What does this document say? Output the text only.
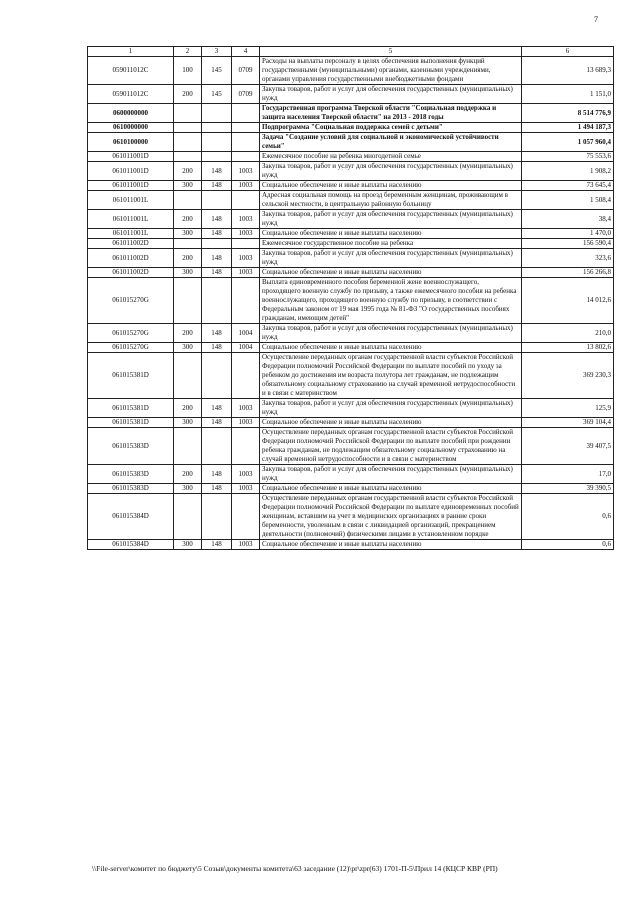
7
1	2	3	4	5	6
059011012С	100	145	0709	Расходы на выплаты персоналу в целях обеспечения выполнения функций государственными (муниципальными) органами, казенными учреждениями, органами управления государственными внебюджетными фондами	13 689,3
059011012С	200	145	0709	Закупка товаров, работ и услуг для обеспечения государственных (муниципальных) нужд	1 151,0
0600000000				Государственная программа Тверской области "Социальная поддержка и защита населения Тверской области" на 2013 - 2018 годы	8 514 776,9
0610000000				Подпрограмма "Социальная поддержка семей с детьми"	1 494 187,3
0610100000				Задача "Создание условий для социальной и экономической устойчивости семьи"	1 057 960,4
061011001D				Ежемесячное пособие на ребенка многодетной семье	75 553,6
061011001D	200	148	1003	Закупка товаров, работ и услуг для обеспечения государственных (муниципальных) нужд	1 908,2
061011001D	300	148	1003	Социальное обеспечение и иные выплаты населению	73 645,4
061011001L				Адресная социальная помощь на проезд беременным женщинам, проживающим в сельской местности, в центральную районную больницу	1 508,4
061011001L	200	148	1003	Закупка товаров, работ и услуг для обеспечения государственных (муниципальных) нужд	38,4
061011001L	300	148	1003	Социальное обеспечение и иные выплаты населению	1 470,0
061011002D				Ежемесячное государственное пособие на ребенка	156 590,4
061011002D	200	148	1003	Закупка товаров, работ и услуг для обеспечения государственных (муниципальных) нужд	323,6
061011002D	300	148	1003	Социальное обеспечение и иные выплаты населению	156 266,8
061015270G				Выплата единовременного пособия беременной жене военнослужащего, проходящего военную службу по призыву, а также ежемесячного пособия на ребенка военнослужащего, проходящего военную службу по призыву, в соответствии с Федеральным законом от 19 мая 1995 года № 81-ФЗ "О государственных пособиях гражданам, имеющим детей"	14 012,6
061015270G	200	148	1004	Закупка товаров, работ и услуг для обеспечения государственных (муниципальных) нужд	210,0
061015270G	300	148	1004	Социальное обеспечение и иные выплаты населению	13 802,6
061015381D				Осуществление переданных органам государственной власти субъектов Российской Федерации полномочий Российской Федерации по выплате пособий по уходу за ребенком до достижения им возраста полутора лет гражданам, не подлежащим обязательному социальному страхованию на случай временной нетрудоспособности и в связи с материнством	369 230,3
061015381D	200	148	1003	Закупка товаров, работ и услуг для обеспечения государственных (муниципальных) нужд	125,9
061015381D	300	148	1003	Социальное обеспечение и иные выплаты населению	369 104,4
061015383D				Осуществление переданных органам государственной власти субъектов Российской Федерации полномочий Российской Федерации по выплате пособий при рождении ребенка гражданам, не подлежащим обязательному социальному страхованию на случай временной нетрудоспособности и в связи с материнством	39 407,5
061015383D	200	148	1003	Закупка товаров, работ и услуг для обеспечения государственных (муниципальных) нужд	17,0
061015383D	300	148	1003	Социальное обеспечение и иные выплаты населению	39 390,5
061015384D				Осуществление переданных органам государственной власти субъектов Российской Федерации полномочий Российской Федерации по выплате единовременных пособий женщинам, вставшим на учет в медицинских организациях в ранние сроки беременности, уволенным в связи с ликвидацией организаций, прекращением деятельности (полномочий) физическими лицами в установленном порядке	0,6
061015384D	300	148	1003	Социальное обеспечение и иные выплаты населению	0,6
\\File-server\комитет по бюджету\5 Созыв\документы комитета\63 заседание (12)\pr\zpr(63) 1701-П-5\Прил 14 (КЦСР КВР (РП)
